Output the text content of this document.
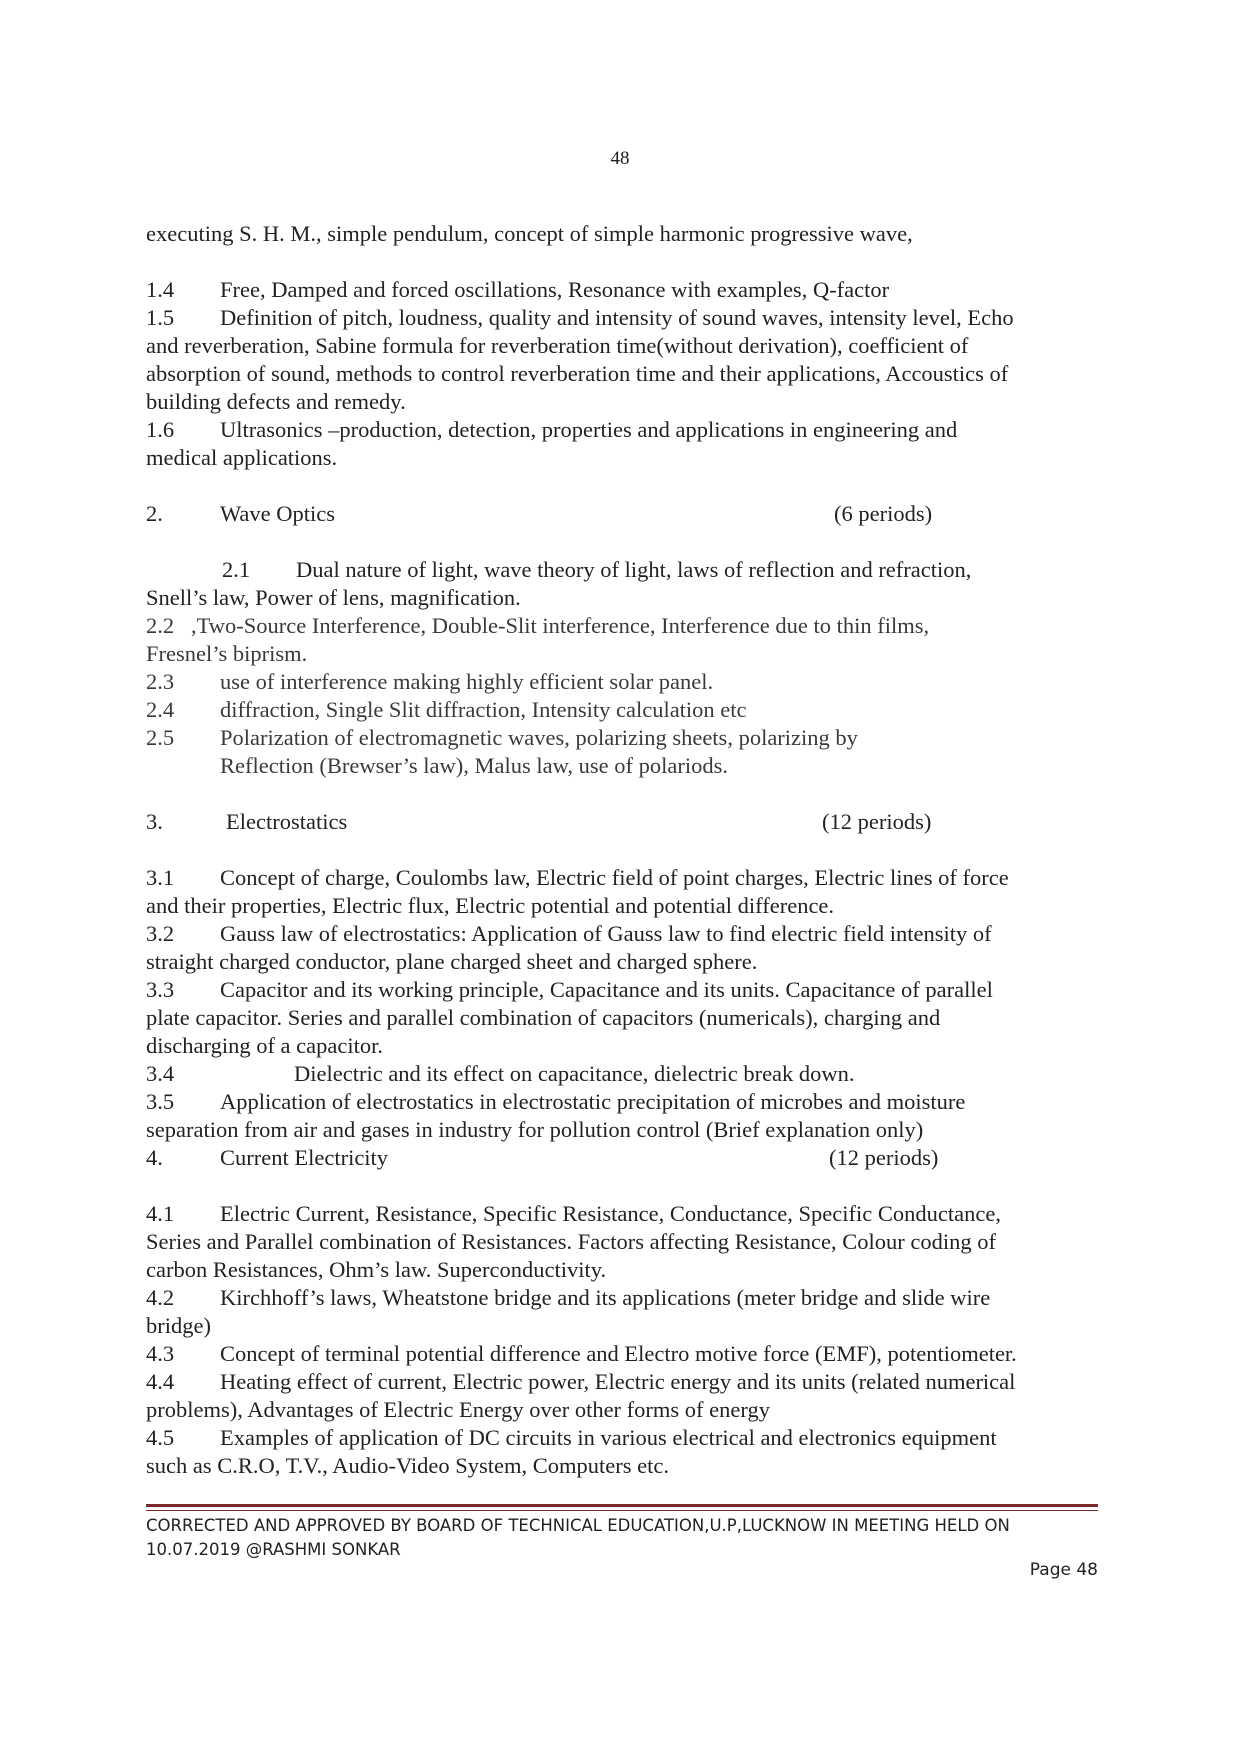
48

executing S. H. M., simple pendulum, concept of simple harmonic progressive wave,

1.4 Free, Damped and forced oscillations, Resonance with examples, Q-factor

1.5 Definition of pitch, loudness, quality and intensity of sound waves, intensity level, Echo

and reverberation, Sabine formula for reverberation time(without derivation), coefficient of

absorption of sound, methods to control reverberation time and their applications, Accoustics of

building defects and remedy.

1.6 Ultrasonics –production, detection, properties and applications in engineering and

medical applications.

2.	Wave Optics	(6 periods)

2.1 Dual nature of light, wave theory of light, laws of reflection and refraction,

Snell’s law, Power of lens, magnification.

2.2 ,Two-Source Interference, Double-Slit interference, Interference due to thin films,

Fresnel’s biprism.

2.3 use of interference making highly efficient solar panel.

2.4 diffraction, Single Slit diffraction, Intensity calculation etc

2.5 Polarization of electromagnetic waves, polarizing sheets, polarizing by

Reflection (Brewser’s law), Malus law, use of polariods.

3.	Electrostatics	(12 periods)

3.1 Concept of charge, Coulombs law, Electric field of point charges, Electric lines of force

and their properties, Electric flux, Electric potential and potential difference.

3.2 Gauss law of electrostatics: Application of Gauss law to find electric field intensity of

straight charged conductor, plane charged sheet and charged sphere.

3.3 Capacitor and its working principle, Capacitance and its units. Capacitance of parallel

plate capacitor. Series and parallel combination of capacitors (numericals), charging and

discharging of a capacitor.

3.4	Dielectric and its effect on capacitance, dielectric break down.

3.5 Application of electrostatics in electrostatic precipitation of microbes and moisture

separation from air and gases in industry for pollution control (Brief explanation only)

4.	Current Electricity	(12 periods)

4.1 Electric Current, Resistance, Specific Resistance, Conductance, Specific Conductance,

Series and Parallel combination of Resistances. Factors affecting Resistance, Colour coding of

carbon Resistances, Ohm’s law. Superconductivity.

4.2 Kirchhoff’s laws, Wheatstone bridge and its applications (meter bridge and slide wire

bridge)

4.3 Concept of terminal potential difference and Electro motive force (EMF), potentiometer.

4.4 Heating effect of current, Electric power, Electric energy and its units (related numerical

problems), Advantages of Electric Energy over other forms of energy

4.5 Examples of application of DC circuits in various electrical and electronics equipment

such as C.R.O, T.V., Audio-Video System, Computers etc.

CORRECTED AND APPROVED BY BOARD OF TECHNICAL EDUCATION,U.P,LUCKNOW IN MEETING HELD ON
10.07.2019 @RASHMI SONKAR
Page 48
